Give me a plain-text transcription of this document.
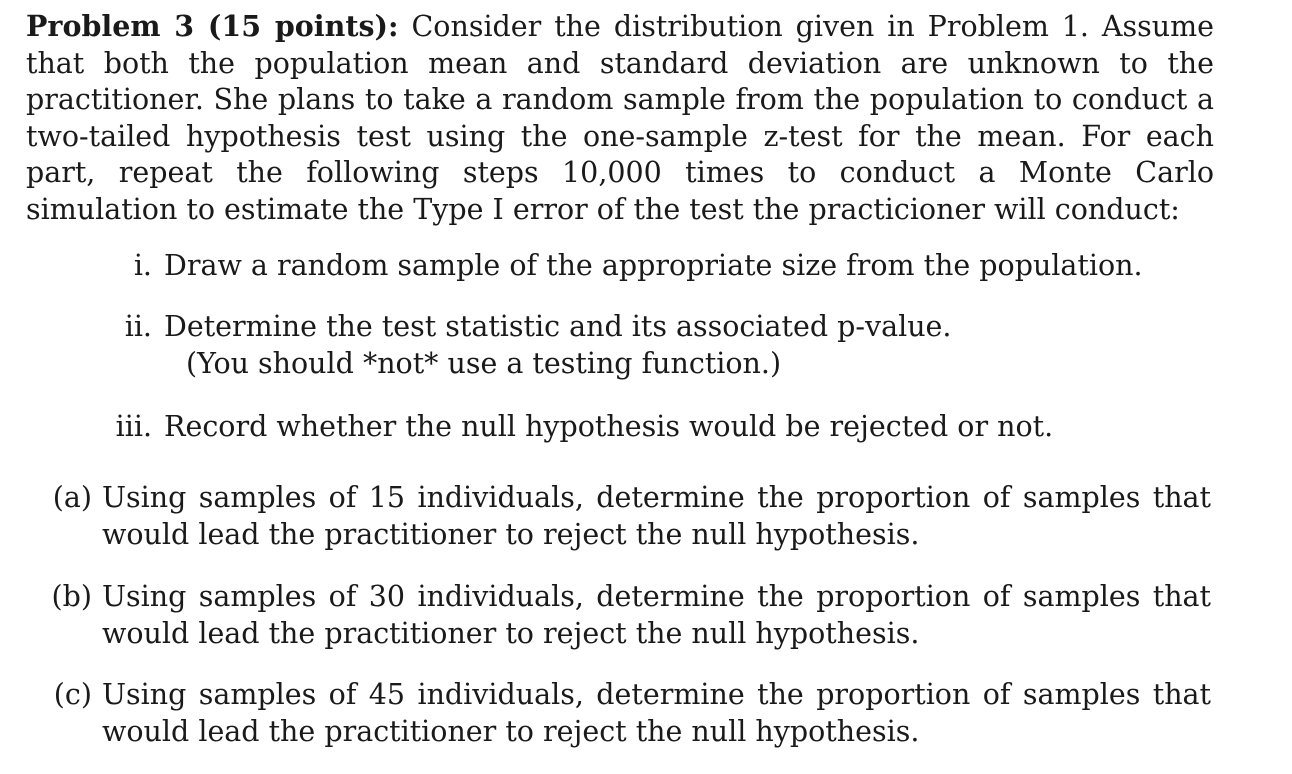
Problem 3 (15 points): Consider the distribution given in Problem 1. Assume that both the population mean and standard deviation are unknown to the practitioner. She plans to take a random sample from the population to conduct a two-tailed hypothesis test using the one-sample z-test for the mean. For each part, repeat the following steps 10,000 times to conduct a Monte Carlo simulation to estimate the Type I error of the test the practicioner will conduct:

i. Draw a random sample of the appropriate size from the population.
ii. Determine the test statistic and its associated p-value.
(You should *not* use a testing function.)
iii. Record whether the null hypothesis would be rejected or not.
(a) Using samples of 15 individuals, determine the proportion of samples that would lead the practitioner to reject the null hypothesis.
(b) Using samples of 30 individuals, determine the proportion of samples that would lead the practitioner to reject the null hypothesis.
(c) Using samples of 45 individuals, determine the proportion of samples that would lead the practitioner to reject the null hypothesis.
